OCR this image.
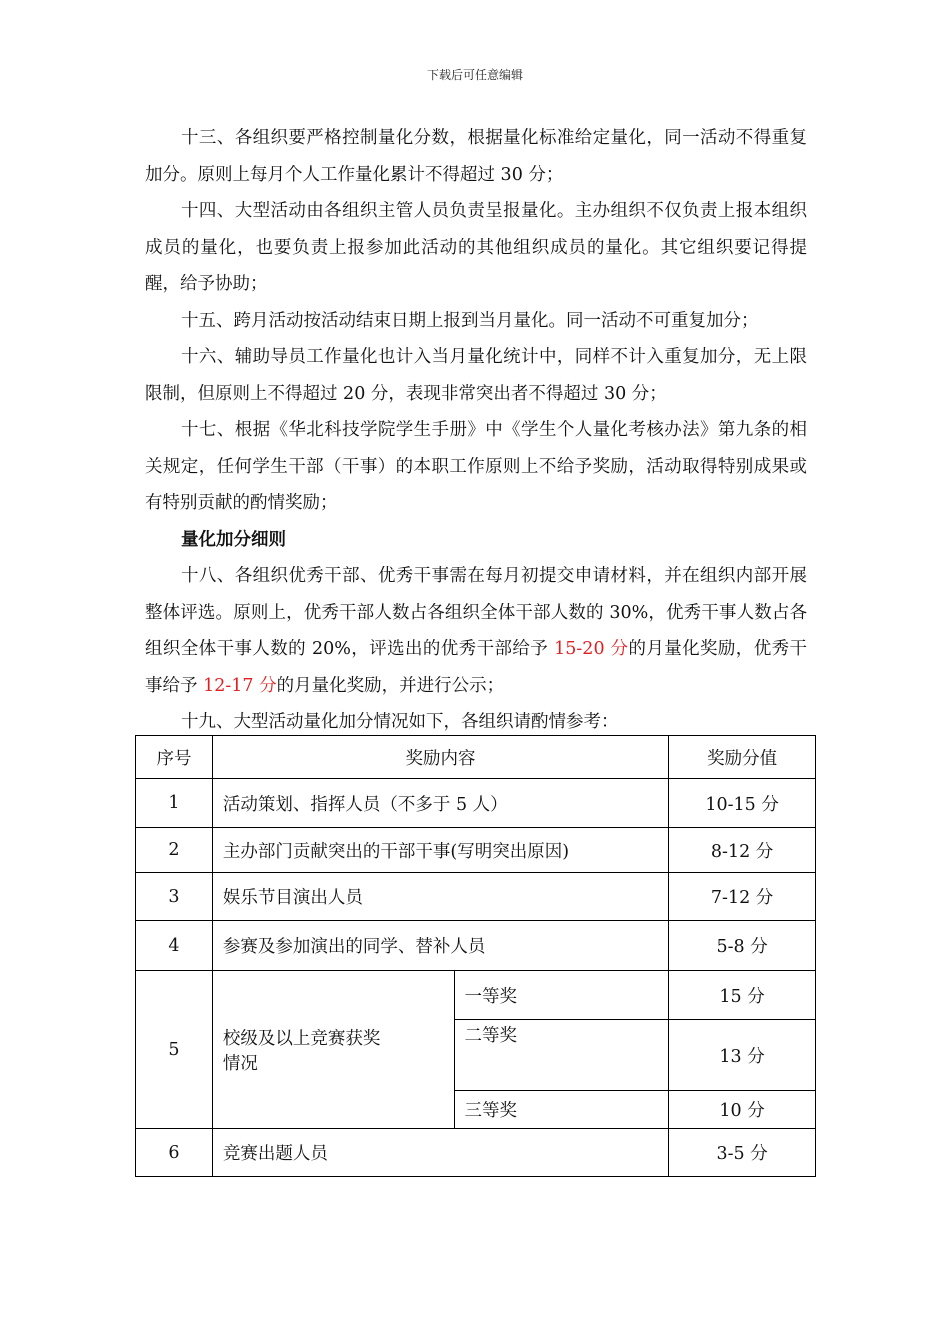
下载后可任意编辑

十三、各组织要严格控制量化分数，根据量化标准给定量化，同一活动不得重复加分。原则上每月个人工作量化累计不得超过 30 分；

十四、大型活动由各组织主管人员负责呈报量化。主办组织不仅负责上报本组织成员的量化，也要负责上报参加此活动的其他组织成员的量化。其它组织要记得提醒，给予协助；

十五、跨月活动按活动结束日期上报到当月量化。同一活动不可重复加分；

十六、辅助导员工作量化也计入当月量化统计中，同样不计入重复加分，无上限限制，但原则上不得超过 20 分，表现非常突出者不得超过 30 分；

十七、根据《华北科技学院学生手册》中《学生个人量化考核办法》第九条的相关规定，任何学生干部（干事）的本职工作原则上不给予奖励，活动取得特别成果或有特别贡献的酌情奖励；

量化加分细则

十八、各组织优秀干部、优秀干事需在每月初提交申请材料，并在组织内部开展整体评选。原则上，优秀干部人数占各组织全体干部人数的 30%，优秀干事人数占各组织全体干事人数的 20%，评选出的优秀干部给予 15-20 分的月量化奖励，优秀干事给予 12-17 分的月量化奖励，并进行公示；

十九、大型活动量化加分情况如下，各组织请酌情参考：

序号	奖励内容		奖励分值
1	活动策划、指挥人员（不多于 5 人）		10-15 分
2	主办部门贡献突出的干部干事(写明突出原因)		8-12 分
3	娱乐节目演出人员		7-12 分
4	参赛及参加演出的同学、替补人员		5-8 分
5	校级及以上竞赛获奖
情况	一等奖	15 分
		二等奖	13 分
		三等奖	10 分
6	竞赛出题人员		3-5 分
